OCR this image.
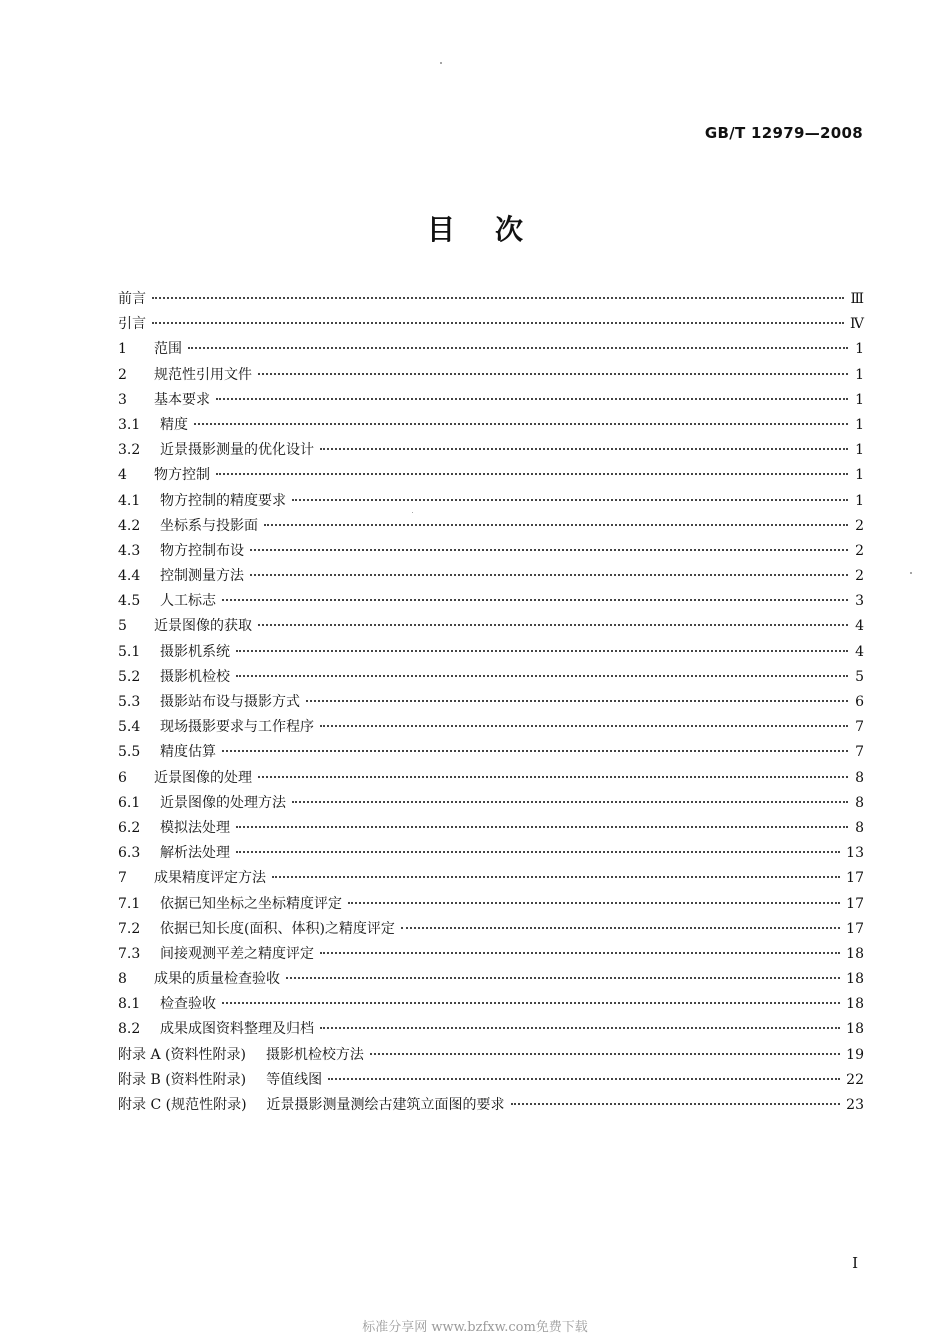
GB/T 12979—2008
目次
前言	Ⅲ
引言	Ⅳ
1	范围	1
2	规范性引用文件	1
3	基本要求	1
3.1	精度	1
3.2	近景摄影测量的优化设计	1
4	物方控制	1
4.1	物方控制的精度要求	1
4.2	坐标系与投影面	2
4.3	物方控制布设	2
4.4	控制测量方法	2
4.5	人工标志	3
5	近景图像的获取	4
5.1	摄影机系统	4
5.2	摄影机检校	5
5.3	摄影站布设与摄影方式	6
5.4	现场摄影要求与工作程序	7
5.5	精度估算	7
6	近景图像的处理	8
6.1	近景图像的处理方法	8
6.2	模拟法处理	8
6.3	解析法处理	13
7	成果精度评定方法	17
7.1	依据已知坐标之坐标精度评定	17
7.2	依据已知长度(面积、体积)之精度评定	17
7.3	间接观测平差之精度评定	18
8	成果的质量检查验收	18
8.1	检查验收	18
8.2	成果成图资料整理及归档	18
附录 A (资料性附录) 摄影机检校方法	19
附录 B (资料性附录) 等值线图	22
附录 C (规范性附录) 近景摄影测量测绘古建筑立面图的要求	23
I
标准分享网 www.bzfxw.com免费下载
